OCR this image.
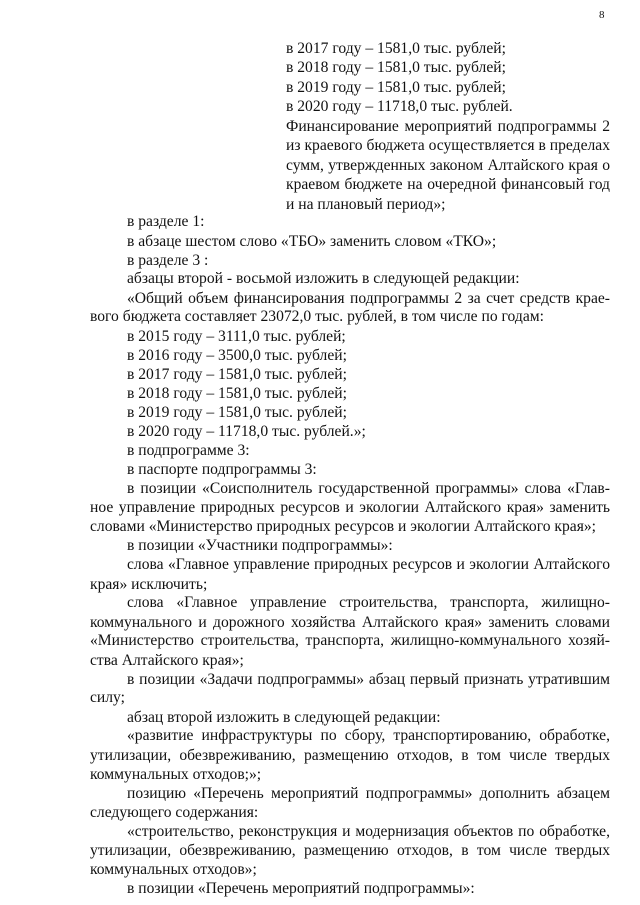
8
в 2017 году – 1581,0 тыс. рублей;
в 2018 году – 1581,0 тыс. рублей;
в 2019 году – 1581,0 тыс. рублей;
в 2020 году – 11718,0 тыс. рублей.
Финансирование мероприятий подпрограммы 2
из краевого бюджета осуществляется в пределах
сумм, утвержденных законом Алтайского края о
краевом бюджете на очередной финансовый год
и на плановый период»;
в разделе 1:
в абзаце шестом слово «ТБО» заменить словом «ТКО»;
в разделе 3 :
абзацы второй - восьмой изложить в следующей редакции:
«Общий объем финансирования подпрограммы 2 за счет средств крае-
вого бюджета составляет 23072,0 тыс. рублей, в том числе по годам:
в 2015 году – 3111,0 тыс. рублей;
в 2016 году – 3500,0 тыс. рублей;
в 2017 году – 1581,0 тыс. рублей;
в 2018 году – 1581,0 тыс. рублей;
в 2019 году – 1581,0 тыс. рублей;
в 2020 году – 11718,0 тыс. рублей.»;
в подпрограмме 3:
в паспорте подпрограммы 3:
в позиции «Соисполнитель государственной программы» слова «Глав-
ное управление природных ресурсов и экологии Алтайского края» заменить
словами «Министерство природных ресурсов и экологии Алтайского края»;
в позиции «Участники подпрограммы»:
слова «Главное управление природных ресурсов и экологии Алтайского
края» исключить;
слова «Главное управление строительства, транспорта, жилищно-
коммунального и дорожного хозяйства Алтайского края» заменить словами
«Министерство строительства, транспорта, жилищно-коммунального хозяй-
ства Алтайского края»;
в позиции «Задачи подпрограммы» абзац первый признать утратившим
силу;
абзац второй изложить в следующей редакции:
«развитие инфраструктуры по сбору, транспортированию, обработке,
утилизации, обезвреживанию, размещению отходов, в том числе твердых
коммунальных отходов;»;
позицию «Перечень мероприятий подпрограммы» дополнить абзацем
следующего содержания:
«строительство, реконструкция и модернизация объектов по обработке,
утилизации, обезвреживанию, размещению отходов, в том числе твердых
коммунальных отходов»;
в позиции «Перечень мероприятий подпрограммы»:
